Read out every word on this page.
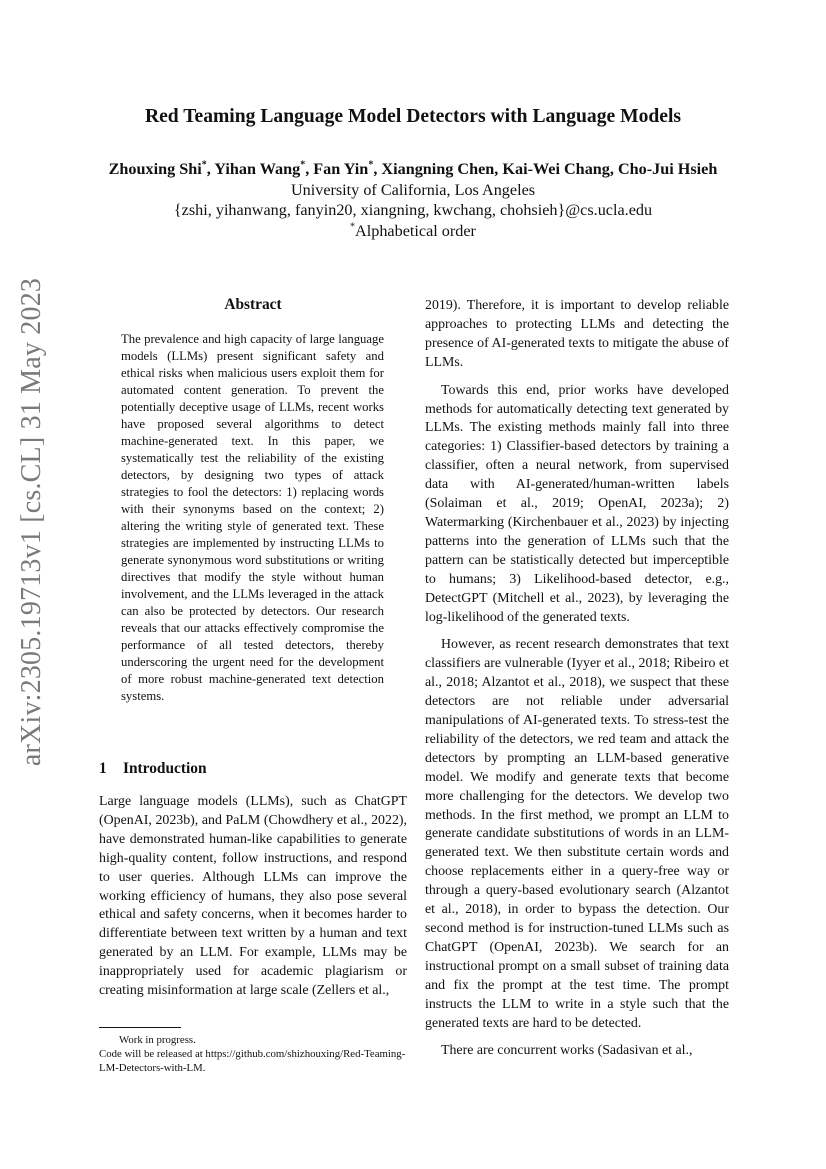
arXiv:2305.19713v1 [cs.CL] 31 May 2023
Red Teaming Language Model Detectors with Language Models
Zhouxing Shi*, Yihan Wang*, Fan Yin*, Xiangning Chen, Kai-Wei Chang, Cho-Jui Hsieh
University of California, Los Angeles
{zshi, yihanwang, fanyin20, xiangning, kwchang, chohsieh}@cs.ucla.edu
*Alphabetical order
Abstract

The prevalence and high capacity of large language models (LLMs) present significant safety and ethical risks when malicious users exploit them for automated content generation. To prevent the potentially deceptive usage of LLMs, recent works have proposed several algorithms to detect machine-generated text. In this paper, we systematically test the reliability of the existing detectors, by designing two types of attack strategies to fool the detectors: 1) replacing words with their synonyms based on the context; 2) altering the writing style of generated text. These strategies are implemented by instructing LLMs to generate synonymous word substitutions or writing directives that modify the style without human involvement, and the LLMs leveraged in the attack can also be protected by detectors. Our research reveals that our attacks effectively compromise the performance of all tested detectors, thereby underscoring the urgent need for the development of more robust machine-generated text detection systems.

1 Introduction

Large language models (LLMs), such as ChatGPT (OpenAI, 2023b), and PaLM (Chowdhery et al., 2022), have demonstrated human-like capabilities to generate high-quality content, follow instructions, and respond to user queries. Although LLMs can improve the working efficiency of humans, they also pose several ethical and safety concerns, when it becomes harder to differentiate between text written by a human and text generated by an LLM. For example, LLMs may be inappropriately used for academic plagiarism or creating misinformation at large scale (Zellers et al.,

2019). Therefore, it is important to develop reliable approaches to protecting LLMs and detecting the presence of AI-generated texts to mitigate the abuse of LLMs.

Towards this end, prior works have developed methods for automatically detecting text generated by LLMs. The existing methods mainly fall into three categories: 1) Classifier-based detectors by training a classifier, often a neural network, from supervised data with AI-generated/human-written labels (Solaiman et al., 2019; OpenAI, 2023a); 2) Watermarking (Kirchenbauer et al., 2023) by injecting patterns into the generation of LLMs such that the pattern can be statistically detected but imperceptible to humans; 3) Likelihood-based detector, e.g., DetectGPT (Mitchell et al., 2023), by leveraging the log-likelihood of the generated texts.

However, as recent research demonstrates that text classifiers are vulnerable (Iyyer et al., 2018; Ribeiro et al., 2018; Alzantot et al., 2018), we suspect that these detectors are not reliable under adversarial manipulations of AI-generated texts. To stress-test the reliability of the detectors, we red team and attack the detectors by prompting an LLM-based generative model. We modify and generate texts that become more challenging for the detectors. We develop two methods. In the first method, we prompt an LLM to generate candidate substitutions of words in an LLM-generated text. We then substitute certain words and choose replacements either in a query-free way or through a query-based evolutionary search (Alzantot et al., 2018), in order to bypass the detection. Our second method is for instruction-tuned LLMs such as ChatGPT (OpenAI, 2023b). We search for an instructional prompt on a small subset of training data and fix the prompt at the test time. The prompt instructs the LLM to write in a style such that the generated texts are hard to be detected.

There are concurrent works (Sadasivan et al.,

Work in progress.

Code will be released at https://github.com/shizhouxing/Red-Teaming-LM-Detectors-with-LM.
